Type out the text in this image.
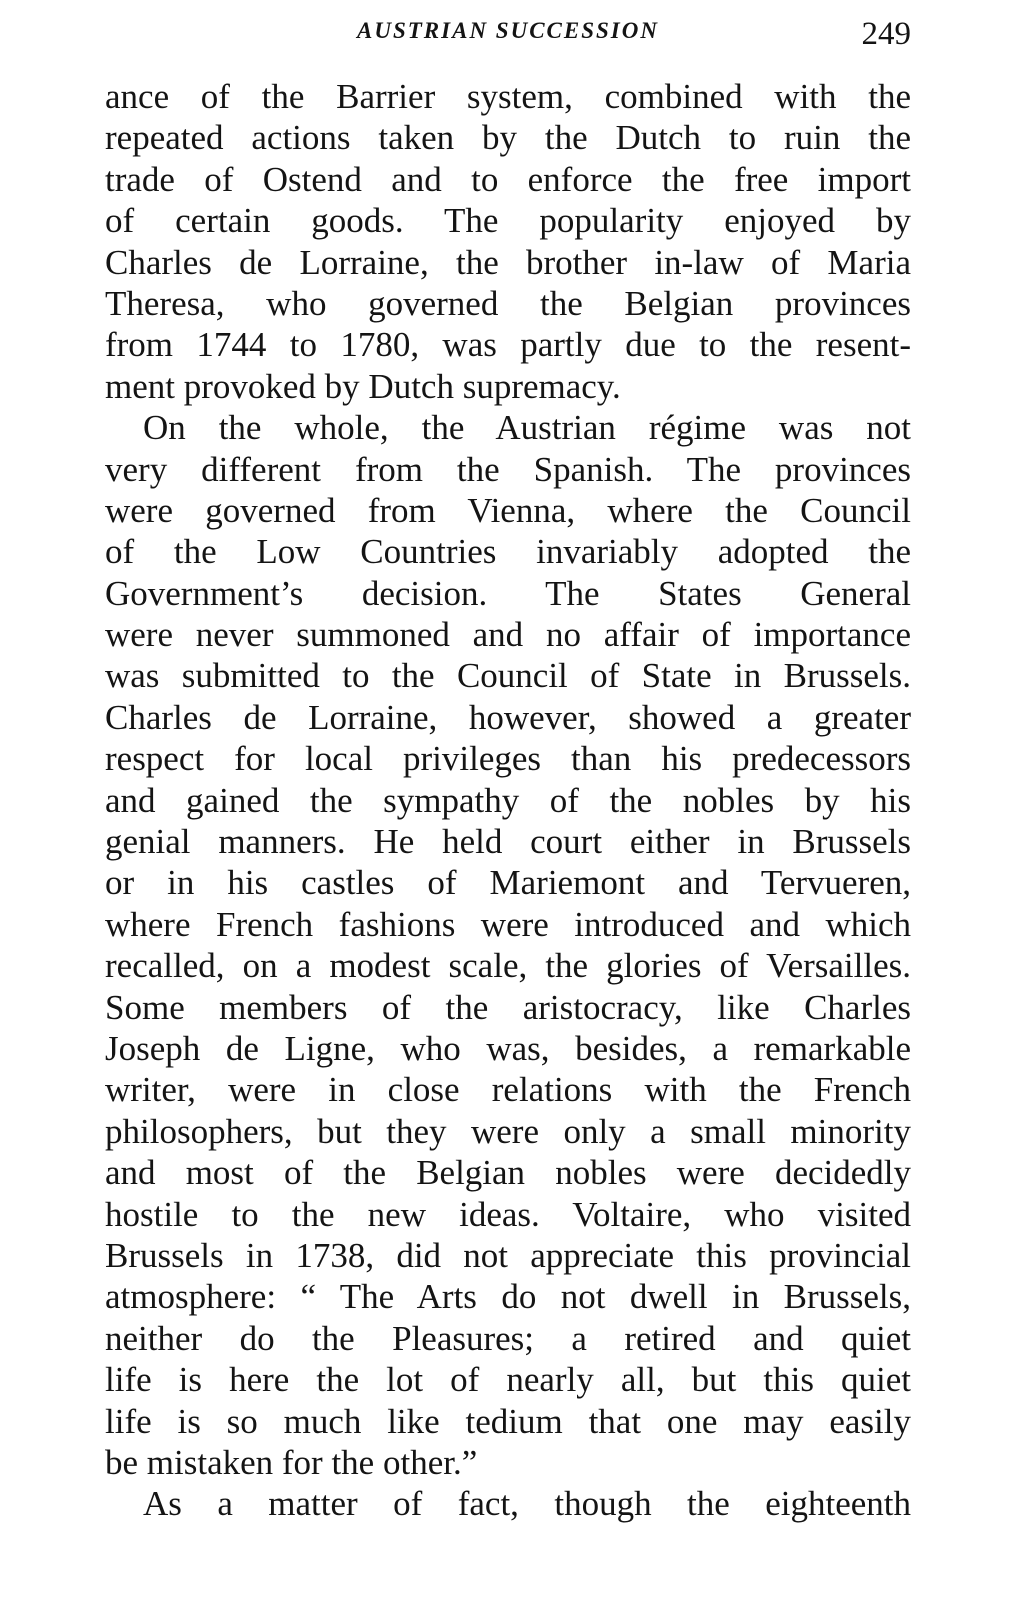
AUSTRIAN SUCCESSION	249
ance of the Barrier system, combined with the
repeated actions taken by the Dutch to ruin the
trade of Ostend and to enforce the free import
of certain goods. The popularity enjoyed by
Charles de Lorraine, the brother in-law of Maria
Theresa, who governed the Belgian provinces
from 1744 to 1780, was partly due to the resent-
ment provoked by Dutch supremacy.
On the whole, the Austrian régime was not
very different from the Spanish. The provinces
were governed from Vienna, where the Council
of the Low Countries invariably adopted the
Government’s decision. The States General
were never summoned and no affair of importance
was submitted to the Council of State in Brussels.
Charles de Lorraine, however, showed a greater
respect for local privileges than his predecessors
and gained the sympathy of the nobles by his
genial manners. He held court either in Brussels
or in his castles of Mariemont and Tervueren,
where French fashions were introduced and which
recalled, on a modest scale, the glories of Versailles.
Some members of the aristocracy, like Charles
Joseph de Ligne, who was, besides, a remarkable
writer, were in close relations with the French
philosophers, but they were only a small minority
and most of the Belgian nobles were decidedly
hostile to the new ideas. Voltaire, who visited
Brussels in 1738, did not appreciate this provincial
atmosphere: “ The Arts do not dwell in Brussels,
neither do the Pleasures; a retired and quiet
life is here the lot of nearly all, but this quiet
life is so much like tedium that one may easily
be mistaken for the other.”
As a matter of fact, though the eighteenth
